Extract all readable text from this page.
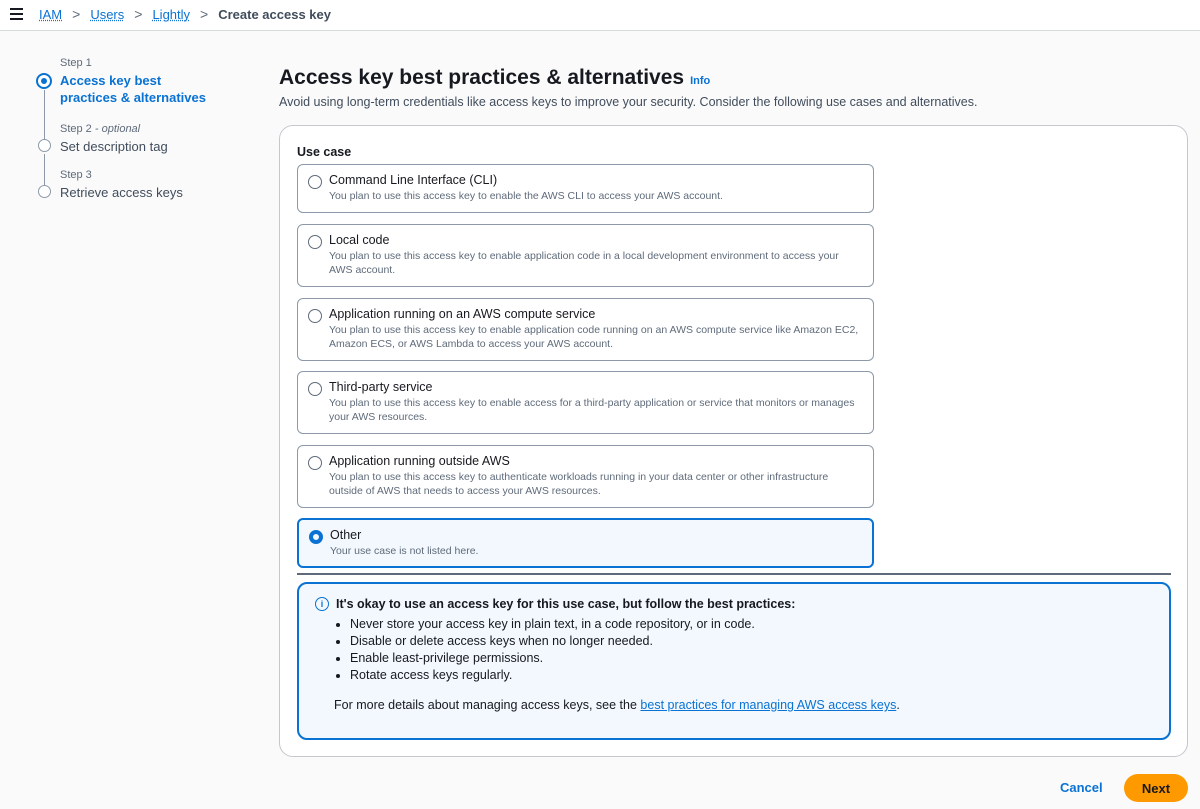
IAM > Users > Lightly > Create access key
Step 1
Access key best practices & alternatives
Step 2 - optional
Set description tag
Step 3
Retrieve access keys
Access key best practices & alternatives Info
Avoid using long-term credentials like access keys to improve your security. Consider the following use cases and alternatives.
Use case
Command Line Interface (CLI)
You plan to use this access key to enable the AWS CLI to access your AWS account.
Local code
You plan to use this access key to enable application code in a local development environment to access your AWS account.
Application running on an AWS compute service
You plan to use this access key to enable application code running on an AWS compute service like Amazon EC2, Amazon ECS, or AWS Lambda to access your AWS account.
Third-party service
You plan to use this access key to enable access for a third-party application or service that monitors or manages your AWS resources.
Application running outside AWS
You plan to use this access key to authenticate workloads running in your data center or other infrastructure outside of AWS that needs to access your AWS resources.
Other
Your use case is not listed here.
i	It's okay to use an access key for this use case, but follow the best practices:
• Never store your access key in plain text, in a code repository, or in code.
• Disable or delete access keys when no longer needed.
• Enable least-privilege permissions.
• Rotate access keys regularly.
For more details about managing access keys, see the best practices for managing AWS access keys.
Cancel	Next
